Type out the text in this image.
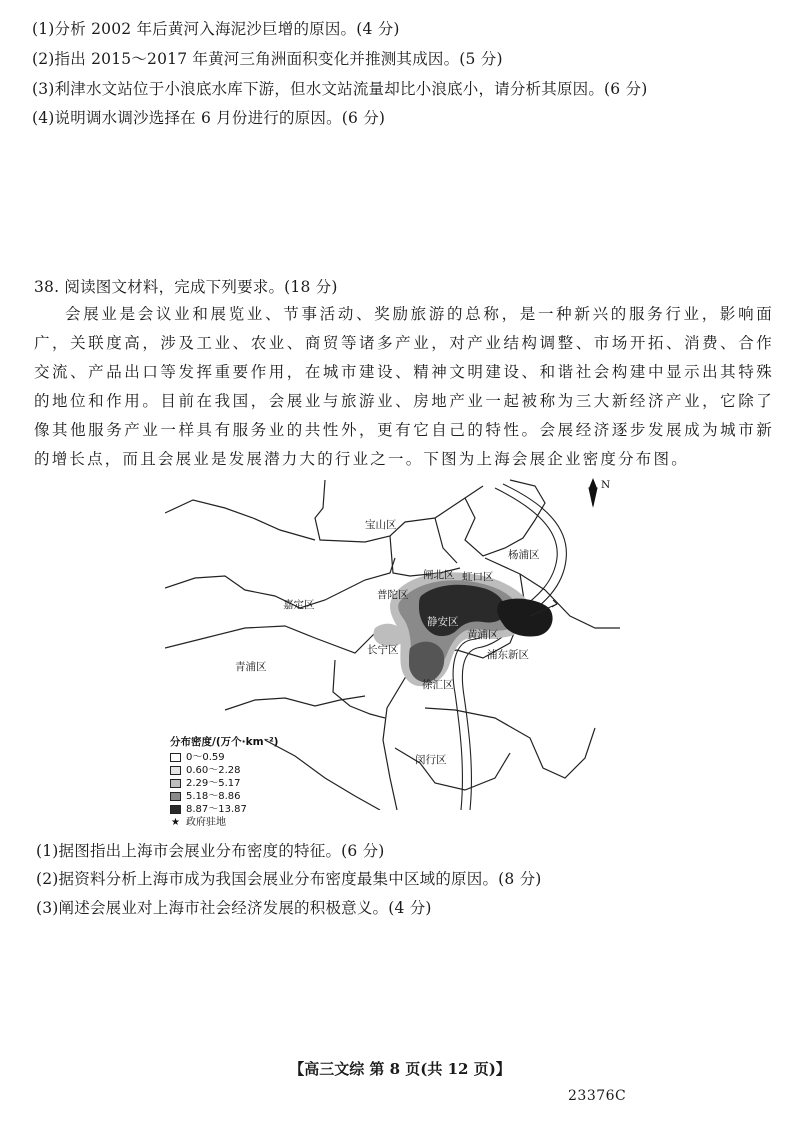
(1)分析 2002 年后黄河入海泥沙巨增的原因。(4 分)
(2)指出 2015～2017 年黄河三角洲面积变化并推测其成因。(5 分)
(3)利津水文站位于小浪底水库下游，但水文站流量却比小浪底小，请分析其原因。(6 分)
(4)说明调水调沙选择在 6 月份进行的原因。(6 分)
38. 阅读图文材料，完成下列要求。(18 分)

会展业是会议业和展览业、节事活动、奖励旅游的总称，是一种新兴的服务行业，影响面广，关联度高，涉及工业、农业、商贸等诸多产业，对产业结构调整、市场开拓、消费、合作交流、产品出口等发挥重要作用，在城市建设、精神文明建设、和谐社会构建中显示出其特殊的地位和作用。目前在我国，会展业与旅游业、房地产业一起被称为三大新经济产业，它除了像其他服务产业一样具有服务业的共性外，更有它自己的特性。会展经济逐步发展成为城市新的增长点，而且会展业是发展潜力大的行业之一。下图为上海会展企业密度分布图。

N
宝山区
杨浦区
嘉定区
普陀区
闸北区 虹口区
静安区
黄浦区
长宁区	浦东新区
青浦区
徐汇区
闵行区
分布密度/(万个·km⁻²)
0～0.59
0.60～2.28
2.29～5.17
5.18～8.86
8.87～13.87
★ 政府驻地
(1)据图指出上海市会展业分布密度的特征。(6 分)
(2)据资料分析上海市成为我国会展业分布密度最集中区域的原因。(8 分)
(3)阐述会展业对上海市社会经济发展的积极意义。(4 分)
【高三文综 第 8 页(共 12 页)】
23376C
